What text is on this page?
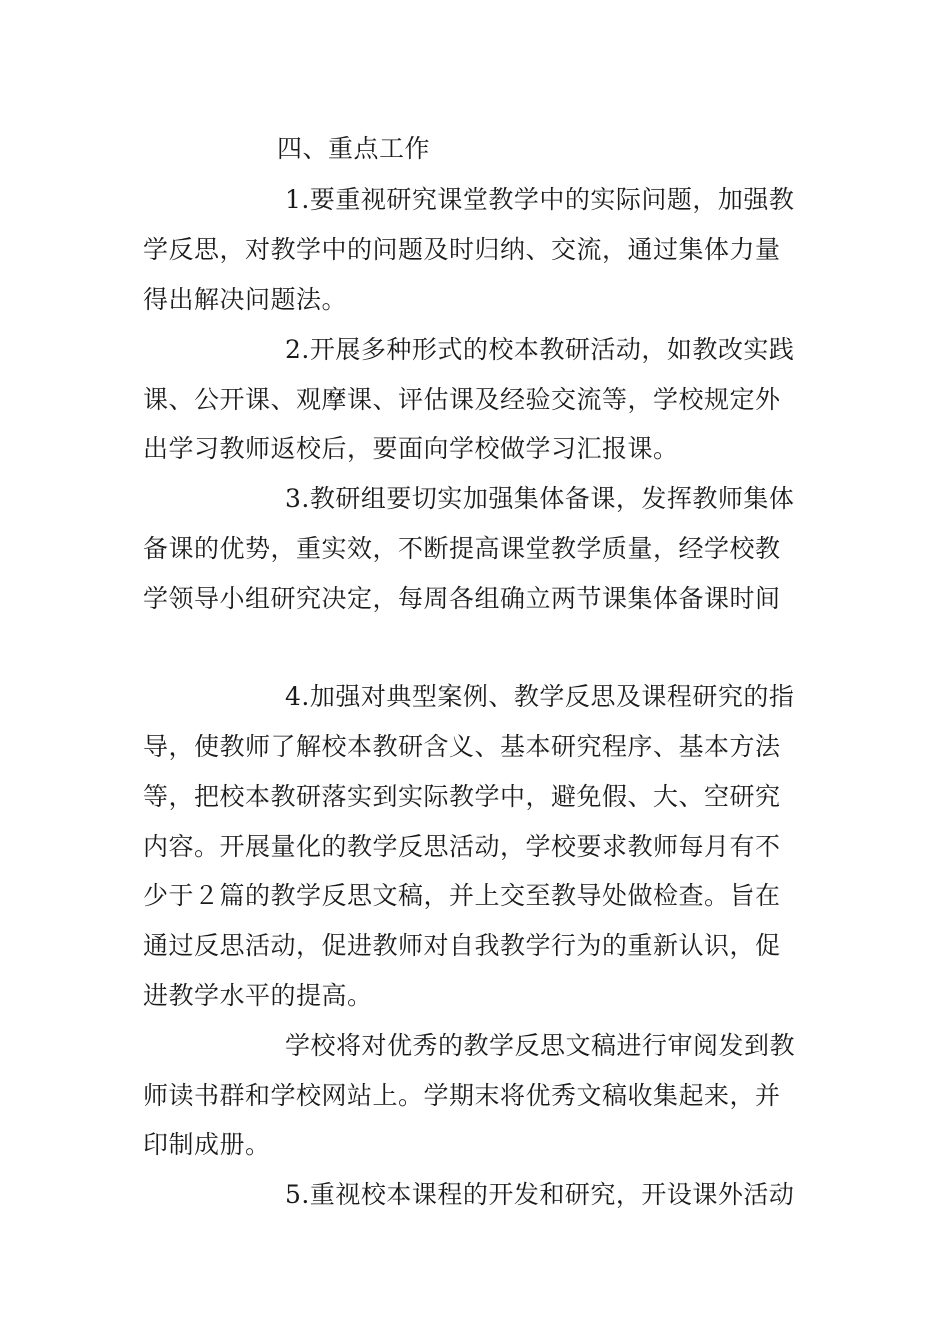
四、重点工作
1.要重视研究课堂教学中的实际问题，加强教
学反思，对教学中的问题及时归纳、交流，通过集体力量
得出解决问题法。
2.开展多种形式的校本教研活动，如教改实践
课、公开课、观摩课、评估课及经验交流等，学校规定外
出学习教师返校后，要面向学校做学习汇报课。
3.教研组要切实加强集体备课，发挥教师集体
备课的优势，重实效，不断提高课堂教学质量，经学校教
学领导小组研究决定，每周各组确立两节课集体备课时间
4.加强对典型案例、教学反思及课程研究的指
导，使教师了解校本教研含义、基本研究程序、基本方法
等，把校本教研落实到实际教学中，避免假、大、空研究
内容。开展量化的教学反思活动，学校要求教师每月有不
少于２篇的教学反思文稿，并上交至教导处做检查。旨在
通过反思活动，促进教师对自我教学行为的重新认识，促
进教学水平的提高。
学校将对优秀的教学反思文稿进行审阅发到教
师读书群和学校网站上。学期末将优秀文稿收集起来，并
印制成册。
5.重视校本课程的开发和研究，开设课外活动
